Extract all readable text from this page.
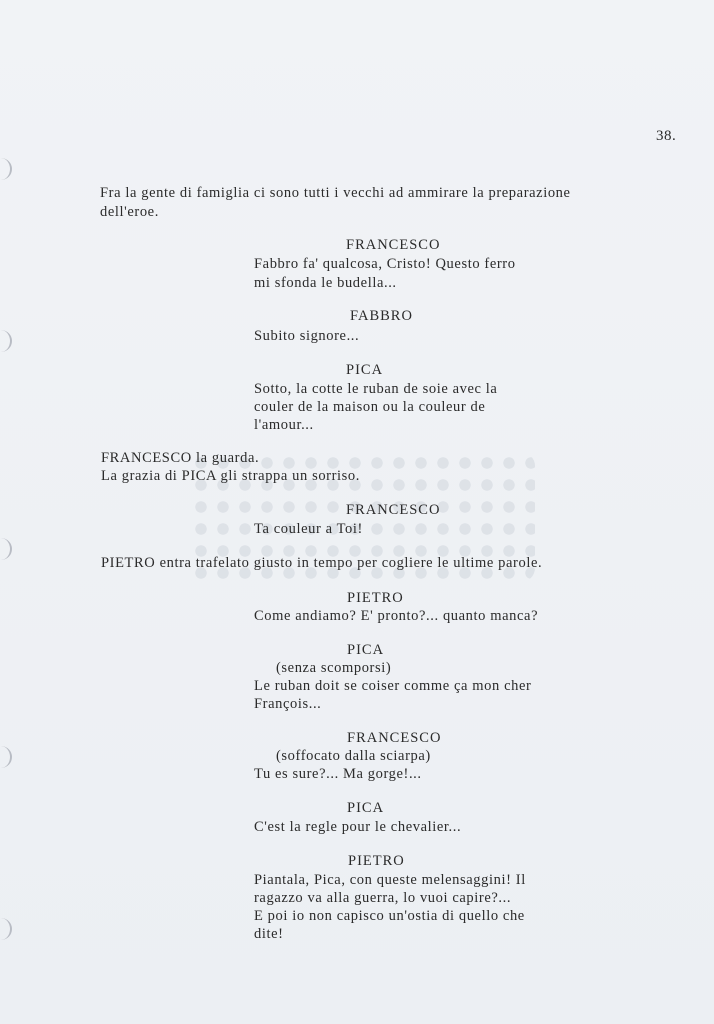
38.
Fra la gente di famiglia ci sono tutti i vecchi ad ammirare la preparazione
dell'eroe.
FRANCESCO
Fabbro fa' qualcosa, Cristo! Questo ferro
mi sfonda le budella...
FABBRO
Subito signore...
PICA
Sotto, la cotte le ruban de soie avec la
couler de la maison ou la couleur de
l'amour...
FRANCESCO la guarda.
La grazia di PICA gli strappa un sorriso.
FRANCESCO
Ta couleur a Toi!
PIETRO entra trafelato giusto in tempo per cogliere le ultime parole.
PIETRO
Come andiamo? E' pronto?... quanto manca?
PICA
(senza scomporsi)
Le ruban doit se coiser comme ça mon cher
François...
FRANCESCO
(soffocato dalla sciarpa)
Tu es sure?... Ma gorge!...
PICA
C'est la regle pour le chevalier...
PIETRO
Piantala, Pica, con queste melensaggini! Il
ragazzo va alla guerra, lo vuoi capire?...
E poi io non capisco un'ostia di quello che
dite!
